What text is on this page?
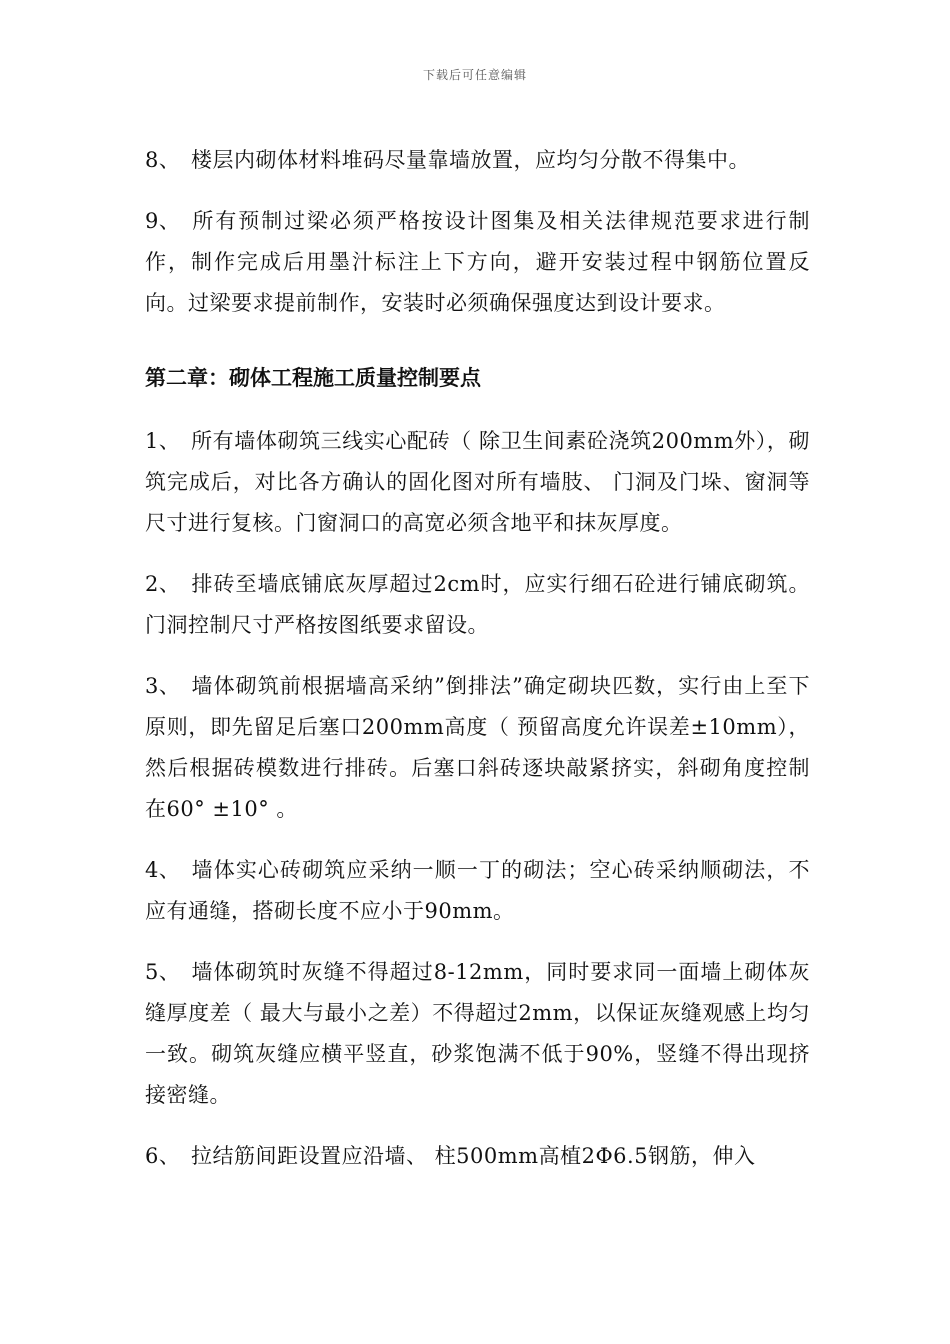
下载后可任意编辑

8、 楼层内砌体材料堆码尽量靠墙放置，应均匀分散不得集中。

9、 所有预制过梁必须严格按设计图集及相关法律规范要求进行制作，制作完成后用墨汁标注上下方向，避开安装过程中钢筋位置反向。过梁要求提前制作，安装时必须确保强度达到设计要求。

第二章：砌体工程施工质量控制要点

1、 所有墙体砌筑三线实心配砖（ 除卫生间素砼浇筑200mm外），砌筑完成后，对比各方确认的固化图对所有墙肢、 门洞及门垛、窗洞等尺寸进行复核。门窗洞口的高宽必须含地平和抹灰厚度。

2、 排砖至墙底铺底灰厚超过2cm时，应实行细石砼进行铺底砌筑。门洞控制尺寸严格按图纸要求留设。

3、 墙体砌筑前根据墙高采纳”倒排法”确定砌块匹数，实行由上至下原则，即先留足后塞口200mm高度（ 预留高度允许误差±10mm），然后根据砖模数进行排砖。后塞口斜砖逐块敲紧挤实，斜砌角度控制在60° ±10° 。

4、 墙体实心砖砌筑应采纳一顺一丁的砌法；空心砖采纳顺砌法，不应有通缝，搭砌长度不应小于90mm。

5、 墙体砌筑时灰缝不得超过8-12mm，同时要求同一面墙上砌体灰缝厚度差（ 最大与最小之差）不得超过2mm，以保证灰缝观感上均匀一致。砌筑灰缝应横平竖直，砂浆饱满不低于90%，竖缝不得出现挤接密缝。

6、 拉结筋间距设置应沿墙、 柱500mm高植2Φ6.5钢筋，伸入
